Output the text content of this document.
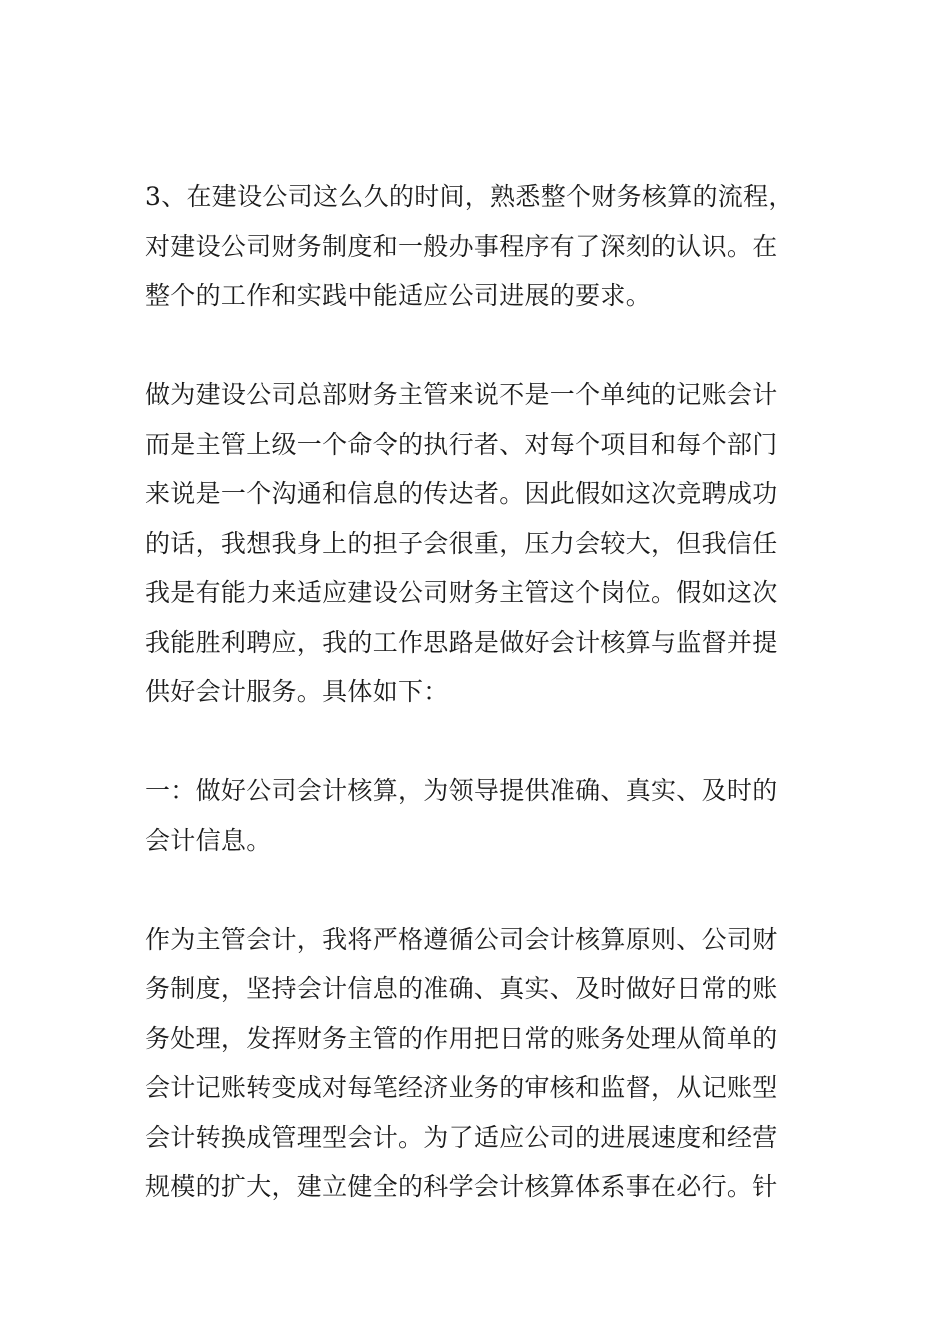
3、在建设公司这么久的时间，熟悉整个财务核算的流程，
对建设公司财务制度和一般办事程序有了深刻的认识。在
整个的工作和实践中能适应公司进展的要求。
做为建设公司总部财务主管来说不是一个单纯的记账会计
而是主管上级一个命令的执行者、对每个项目和每个部门
来说是一个沟通和信息的传达者。因此假如这次竞聘成功
的话，我想我身上的担子会很重，压力会较大，但我信任
我是有能力来适应建设公司财务主管这个岗位。假如这次
我能胜利聘应，我的工作思路是做好会计核算与监督并提
供好会计服务。具体如下：
一：做好公司会计核算，为领导提供准确、真实、及时的
会计信息。
作为主管会计，我将严格遵循公司会计核算原则、公司财
务制度，坚持会计信息的准确、真实、及时做好日常的账
务处理，发挥财务主管的作用把日常的账务处理从简单的
会计记账转变成对每笔经济业务的审核和监督，从记账型
会计转换成管理型会计。为了适应公司的进展速度和经营
规模的扩大，建立健全的科学会计核算体系事在必行。针
